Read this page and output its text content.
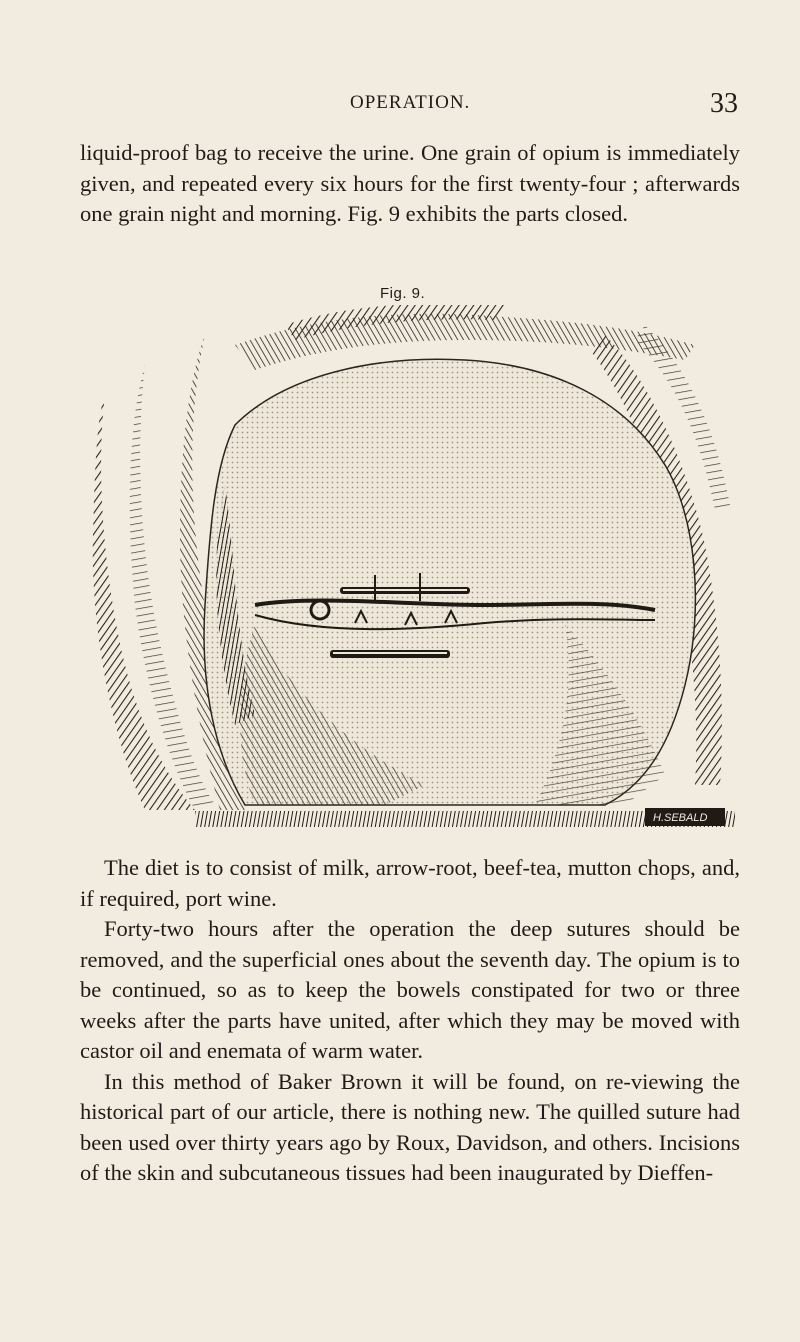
OPERATION.	33

liquid-proof bag to receive the urine. One grain of opium is immediately given, and repeated every six hours for the first twenty-four ; afterwards one grain night and morning. Fig. 9 exhibits the parts closed.

Fig. 9.
H.SEBALD

The diet is to consist of milk, arrow-root, beef-tea, mutton chops, and, if required, port wine.

Forty-two hours after the operation the deep sutures should be removed, and the superficial ones about the seventh day. The opium is to be continued, so as to keep the bowels constipated for two or three weeks after the parts have united, after which they may be moved with castor oil and enemata of warm water.

In this method of Baker Brown it will be found, on re-viewing the historical part of our article, there is nothing new. The quilled suture had been used over thirty years ago by Roux, Davidson, and others. Incisions of the skin and subcutaneous tissues had been inaugurated by Dieffen-
